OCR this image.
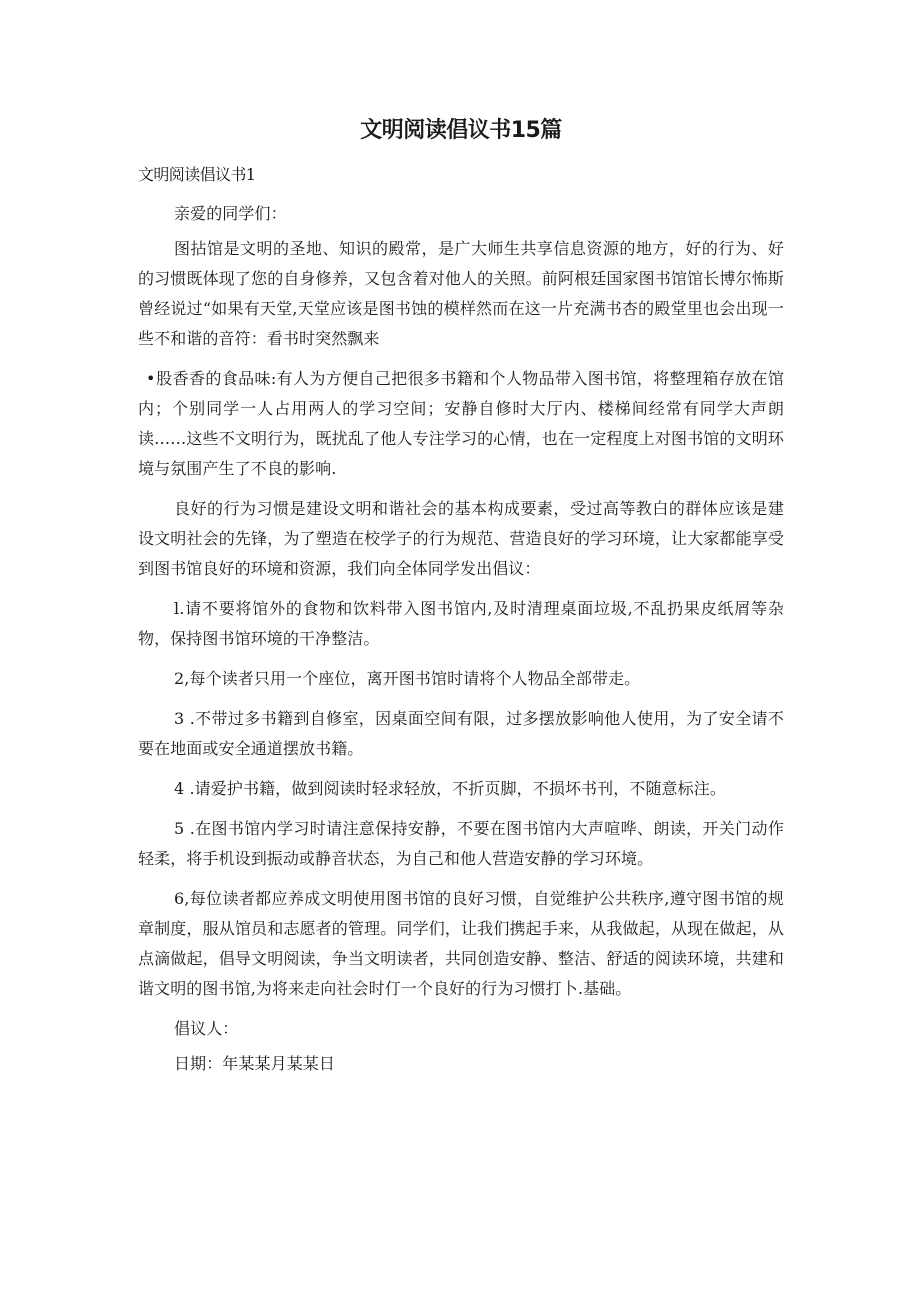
文明阅读倡议书15篇
文明阅读倡议书1

亲爱的同学们：

图拈馆是文明的圣地、知识的殿常，是广大师生共享信息资源的地方，好的行为、好的习惯既体现了您的自身修养，又包含着对他人的关照。前阿根廷国家图书馆馆长博尔怖斯曾经说过“如果有天堂,天堂应该是图书蚀的模样然而在这一片充满书杏的殿堂里也会出现一些不和谐的音符：看书时突然飘来

•股香香的食品味:有人为方便自己把很多书籍和个人物品带入图书馆，将整理箱存放在馆内；个别同学一人占用两人的学习空间；安静自修时大厅内、楼梯间经常有同学大声朗读……这些不文明行为，既扰乱了他人专注学习的心情，也在一定程度上对图书馆的文明环境与氛围产生了不良的影响.

良好的行为习惯是建设文明和谐社会的基本构成要素，受过高等教白的群体应该是建设文明社会的先锋，为了塑造在校学子的行为规范、营造良好的学习环境，让大家都能享受到图书馆良好的环境和资源，我们向全体同学发出倡议：

l.请不要将馆外的食物和饮料带入图书馆内,及时清理桌面垃圾,不乱扔果皮纸屑等杂物，保持图书馆环境的干净整洁。

2,每个读者只用一个座位，离开图书馆时请将个人物品全部带走。

3 .不带过多书籍到自修室，因桌面空间有限，过多摆放影响他人使用，为了安全请不要在地面或安全通道摆放书籍。

4 .请爱护书籍，做到阅读时轻求轻放，不折页脚，不损坏书刊，不随意标注。

5 .在图书馆内学习时请注意保持安静，不要在图书馆内大声喧哗、朗读，开关门动作轻柔，将手机设到振动或静音状态，为自己和他人营造安静的学习环境。

6,每位读者都应养成文明使用图书馆的良好习惯，自觉维护公共秩序,遵守图书馆的规章制度，服从馆员和志愿者的管理。同学们，让我们携起手来，从我做起，从现在做起，从点滴做起，倡导文明阅读，争当文明读者，共同创造安静、整洁、舒适的阅读环境，共建和谐文明的图书馆,为将来走向社会时仃一个良好的行为习惯打卜.基础。

倡议人：

日期：年某某月某某日
